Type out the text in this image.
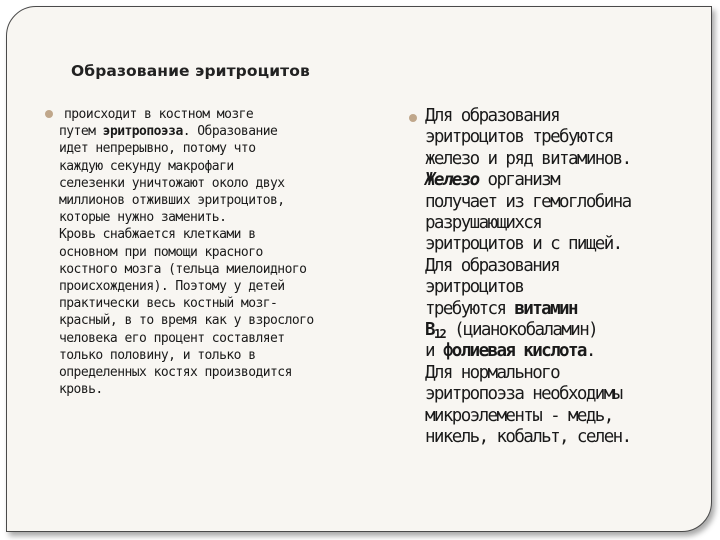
Образование эритроцитов
происходит в костном мозге
путем эритропоэза. Образование
идет непрерывно, потому что
каждую секунду макрофаги
селезенки уничтожают около двух
миллионов отживших эритроцитов,
которые нужно заменить.
Кровь снабжается клетками в
основном при помощи красного
костного мозга (тельца миелоидного
происхождения). Поэтому у детей
практически весь костный мозг-
красный, в то время как у взрослого
человека его процент составляет
только половину, и только в
определенных костях производится
кровь.
Для образования
эритроцитов требуются
железо и ряд витаминов.
Железо организм
получает из гемоглобина
разрушающихся
эритроцитов и с пищей.
Для образования
эритроцитов
требуются витамин
$В_{12}$ (цианокобаламин)
и фолиевая кислота.
Для нормального
эритропоэза необходимы
микроэлементы - медь,
никель, кобальт, селен.
